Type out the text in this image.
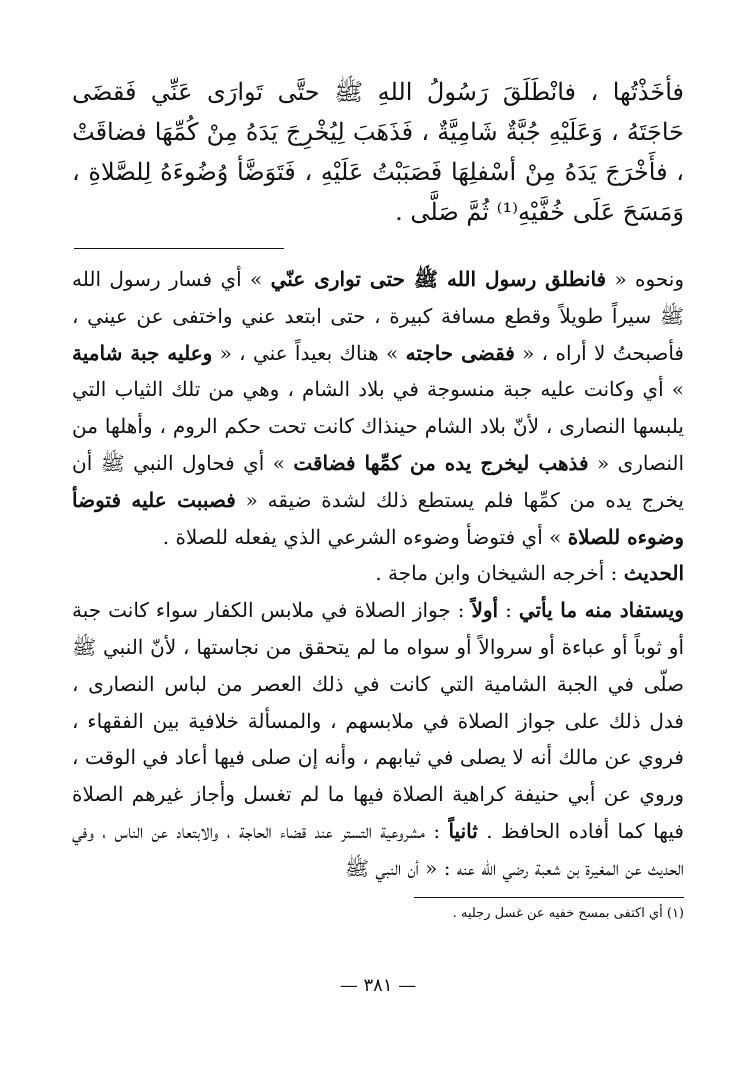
فأخَذْتُها ، فانْطَلَقَ رَسُولُ اللهِ ﷺ حتَّى تَوارَى عَنِّي فَقضَى حَاجَتَهُ ، وَعَلَيْهِ جُبَّةٌ شَامِيَّةٌ ، فَذَهَبَ لِيُخْرِجَ يَدَهُ مِنْ كُمِّهَا فضاقَتْ ، فأَخْرَجَ يَدَهُ مِنْ أسْفلِهَا فَصَبَبْتُ عَلَيْهِ ، فَتَوَضَّأ وُضُوءَهُ لِلصَّلاةِ ، وَمَسَحَ عَلَى خُفَّيْهِ⁽¹⁾ ثُمَّ صَلَّى .

ونحوه « فانطلق رسول الله ﷺ حتى توارى عنّي » أي فسار رسول الله ﷺ سيراً طويلاً وقطع مسافة كبيرة ، حتى ابتعد عني واختفى عن عيني ، فأصبحتُ لا أراه ، « فقضى حاجته » هناك بعيداً عني ، « وعليه جبة شامية » أي وكانت عليه جبة منسوجة في بلاد الشام ، وهي من تلك الثياب التي يلبسها النصارى ، لأنّ بلاد الشام حينذاك كانت تحت حكم الروم ، وأهلها من النصارى « فذهب ليخرج يده من كمِّها فضاقت » أي فحاول النبي ﷺ أن يخرج يده من كمِّها فلم يستطع ذلك لشدة ضيقه « فصببت عليه فتوضأ وضوءه للصلاة » أي فتوضأ وضوءه الشرعي الذي يفعله للصلاة .

الحديث : أخرجه الشيخان وابن ماجة .

ويستفاد منه ما يأتي : أولاً : جواز الصلاة في ملابس الكفار سواء كانت جبة أو ثوباً أو عباءة أو سروالاً أو سواه ما لم يتحقق من نجاستها ، لأنّ النبي ﷺ صلّى في الجبة الشامية التي كانت في ذلك العصر من لباس النصارى ، فدل ذلك على جواز الصلاة في ملابسهم ، والمسألة خلافية بين الفقهاء ، فروي عن مالك أنه لا يصلى في ثيابهم ، وأنه إن صلى فيها أعاد في الوقت ، وروي عن أبي حنيفة كراهية الصلاة فيها ما لم تغسل وأجاز غيرهم الصلاة فيها كما أفاده الحافظ . ثانياً : مشروعية التستر عند قضاء الحاجة ، والابتعاد عن الناس ، وفي الحديث عن المغيرة بن شعبة رضي الله عنه : « أن النبي ﷺ

(١) أي اكتفى بمسح خفيه عن غسل رجليه .

— ٣٨١ —
